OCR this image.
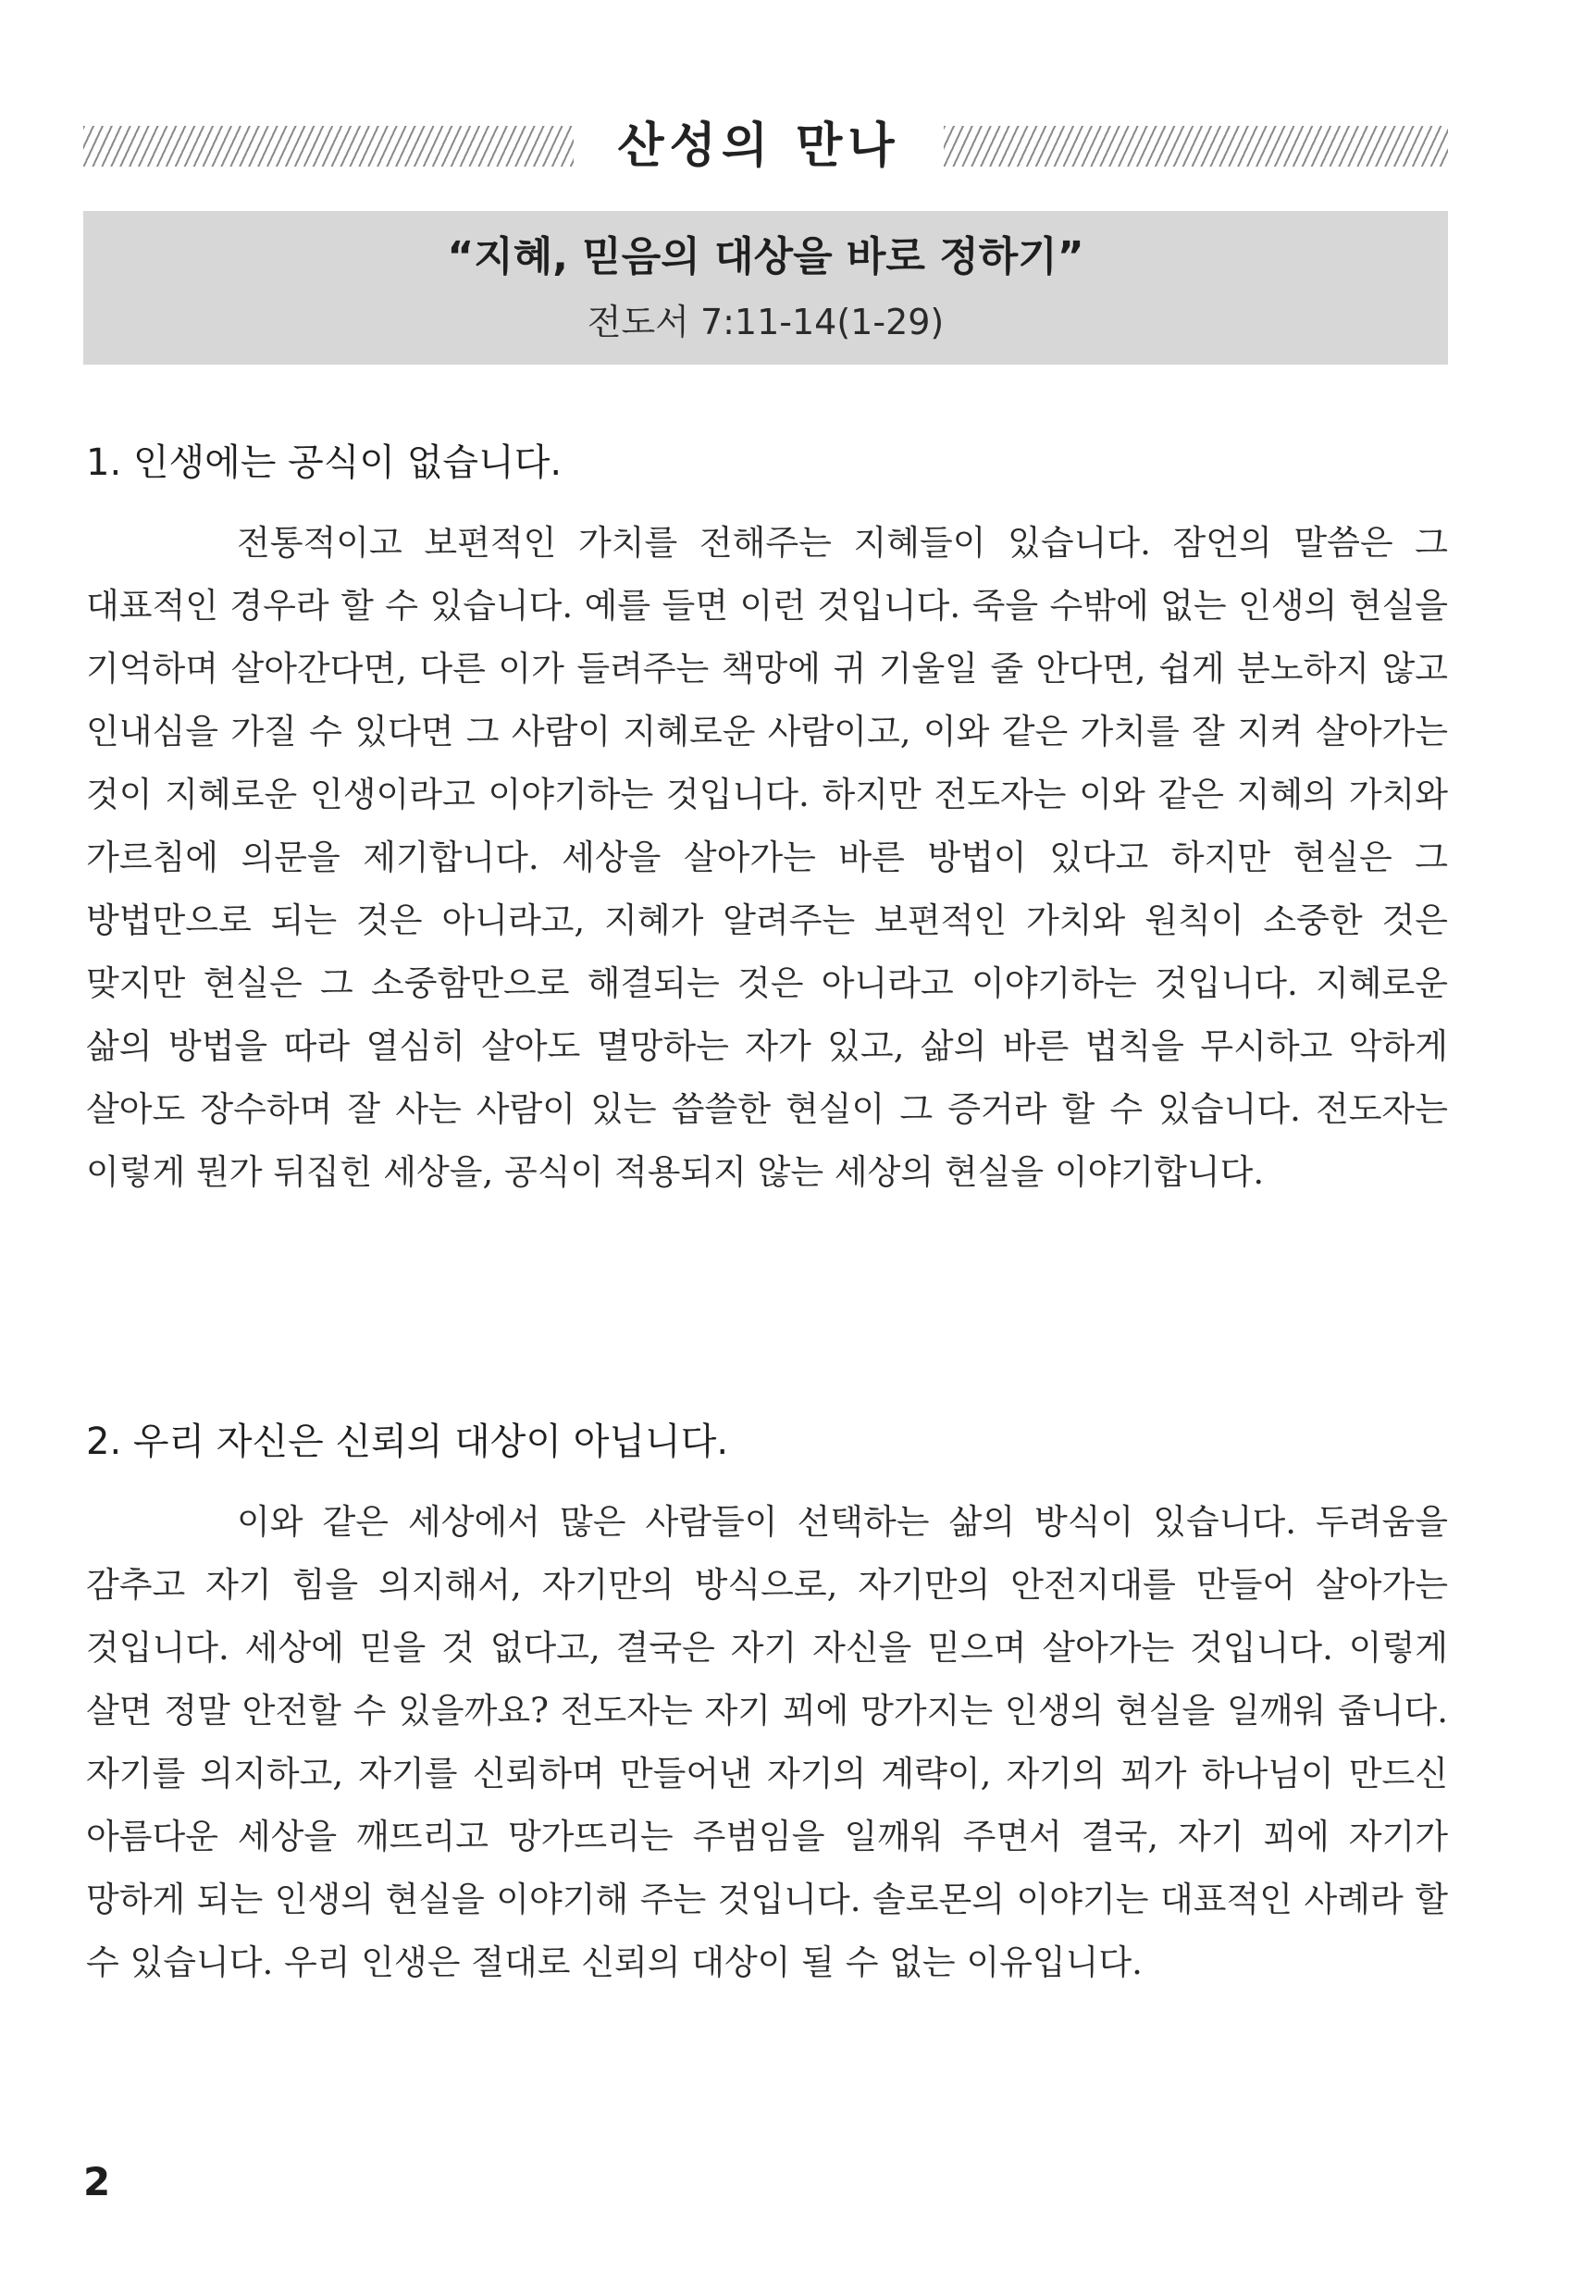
산성의 만나
“지혜, 믿음의 대상을 바로 정하기”
전도서 7:11-14(1-29)
1. 인생에는 공식이 없습니다.

전통적이고 보편적인 가치를 전해주는 지혜들이 있습니다. 잠언의 말씀은 그 대표적인 경우라 할 수 있습니다. 예를 들면 이런 것입니다. 죽을 수밖에 없는 인생의 현실을 기억하며 살아간다면, 다른 이가 들려주는 책망에 귀 기울일 줄 안다면, 쉽게 분노하지 않고 인내심을 가질 수 있다면 그 사람이 지혜로운 사람이고, 이와 같은 가치를 잘 지켜 살아가는 것이 지혜로운 인생이라고 이야기하는 것입니다. 하지만 전도자는 이와 같은 지혜의 가치와 가르침에 의문을 제기합니다. 세상을 살아가는 바른 방법이 있다고 하지만 현실은 그 방법만으로 되는 것은 아니라고, 지혜가 알려주는 보편적인 가치와 원칙이 소중한 것은 맞지만 현실은 그 소중함만으로 해결되는 것은 아니라고 이야기하는 것입니다. 지혜로운 삶의 방법을 따라 열심히 살아도 멸망하는 자가 있고, 삶의 바른 법칙을 무시하고 악하게 살아도 장수하며 잘 사는 사람이 있는 씁쓸한 현실이 그 증거라 할 수 있습니다. 전도자는 이렇게 뭔가 뒤집힌 세상을, 공식이 적용되지 않는 세상의 현실을 이야기합니다.

2. 우리 자신은 신뢰의 대상이 아닙니다.

이와 같은 세상에서 많은 사람들이 선택하는 삶의 방식이 있습니다. 두려움을 감추고 자기 힘을 의지해서, 자기만의 방식으로, 자기만의 안전지대를 만들어 살아가는 것입니다. 세상에 믿을 것 없다고, 결국은 자기 자신을 믿으며 살아가는 것입니다. 이렇게 살면 정말 안전할 수 있을까요? 전도자는 자기 꾀에 망가지는 인생의 현실을 일깨워 줍니다. 자기를 의지하고, 자기를 신뢰하며 만들어낸 자기의 계략이, 자기의 꾀가 하나님이 만드신 아름다운 세상을 깨뜨리고 망가뜨리는 주범임을 일깨워 주면서 결국, 자기 꾀에 자기가 망하게 되는 인생의 현실을 이야기해 주는 것입니다. 솔로몬의 이야기는 대표적인 사례라 할 수 있습니다. 우리 인생은 절대로 신뢰의 대상이 될 수 없는 이유입니다.

2
